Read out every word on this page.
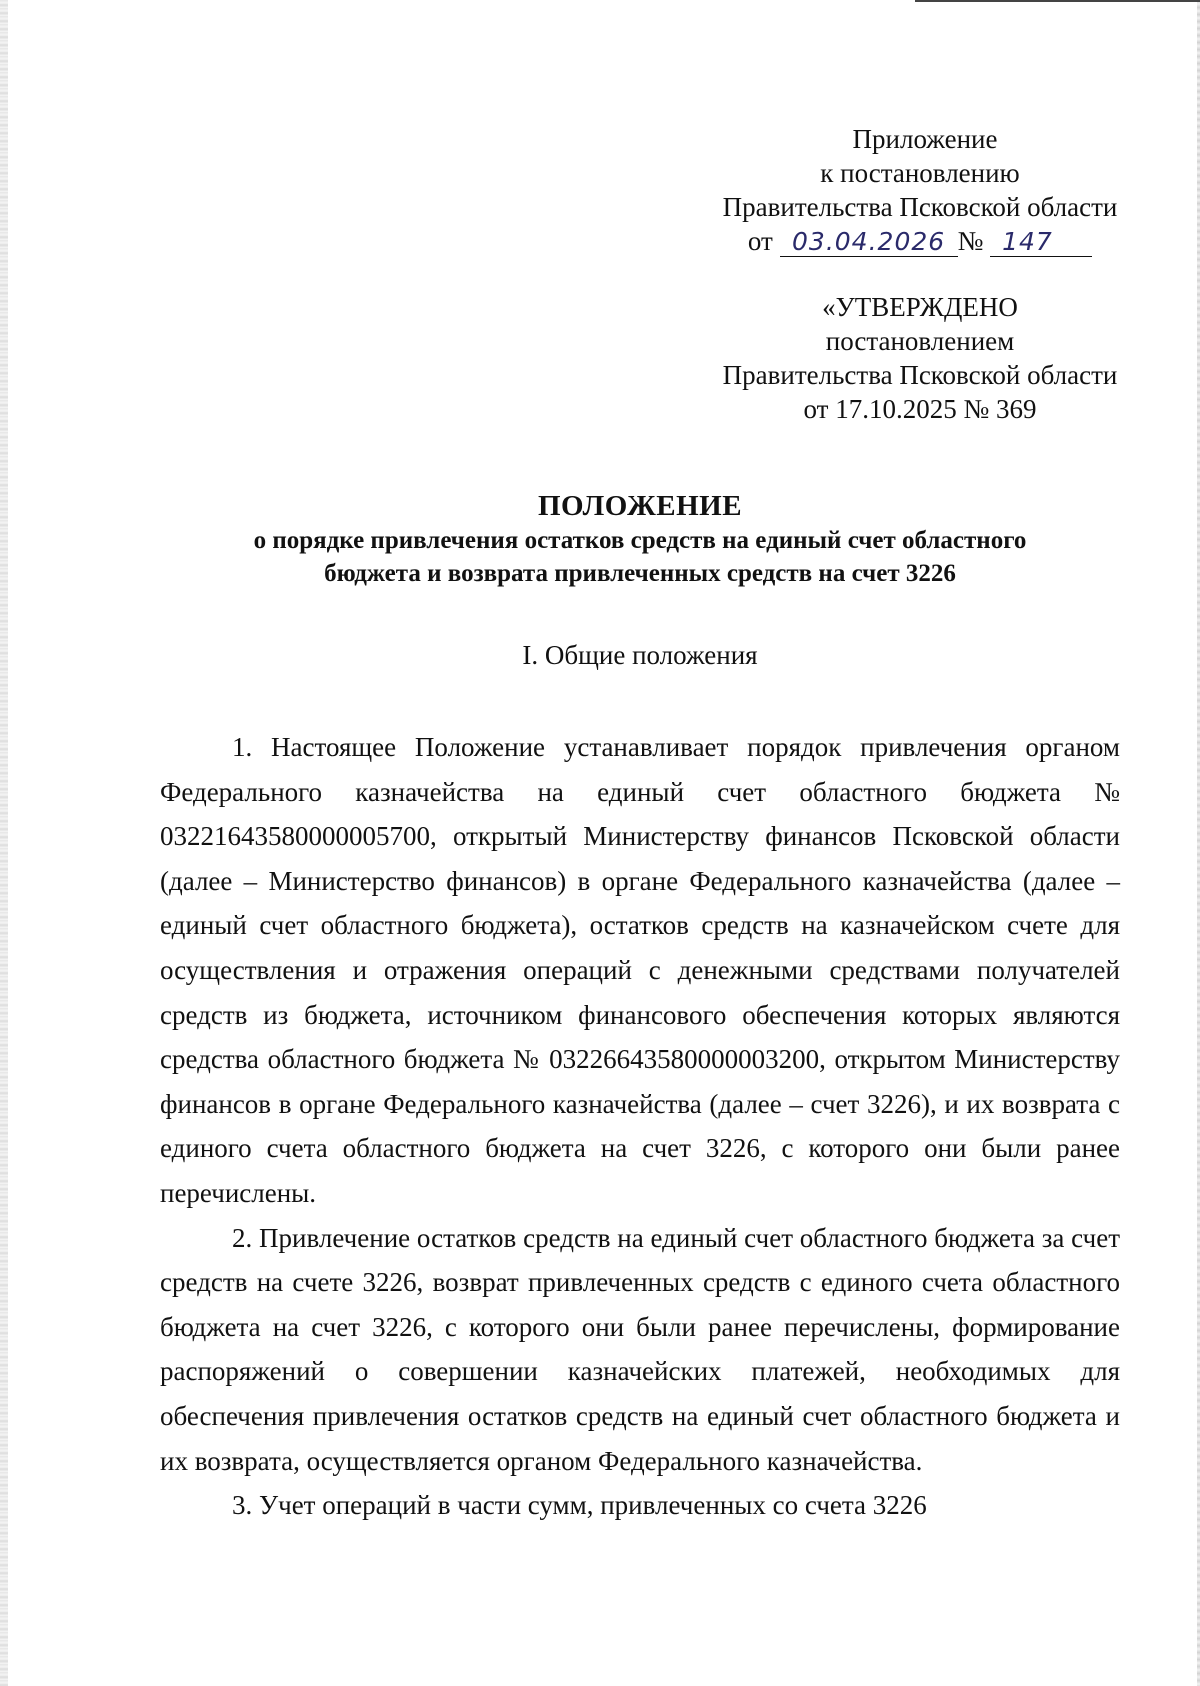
Приложение
к постановлению
Правительства Псковской области
от 03.04.2026 № 147
«УТВЕРЖДЕНО
постановлением
Правительства Псковской области
от 17.10.2025 № 369
ПОЛОЖЕНИЕ
о порядке привлечения остатков средств на единый счет областного
бюджета и возврата привлеченных средств на счет 3226
I. Общие положения

1. Настоящее Положение устанавливает порядок привлечения органом Федерального казначейства на единый счет областного бюджета № 03221643580000005700, открытый Министерству финансов Псковской области (далее – Министерство финансов) в органе Федерального казначейства (далее – единый счет областного бюджета), остатков средств на казначейском счете для осуществления и отражения операций с денежными средствами получателей средств из бюджета, источником финансового обеспечения которых являются средства областного бюджета № 03226643580000003200, открытом Министерству финансов в органе Федерального казначейства (далее – счет 3226), и их возврата с единого счета областного бюджета на счет 3226, с которого они были ранее перечислены.

2. Привлечение остатков средств на единый счет областного бюджета за счет средств на счете 3226, возврат привлеченных средств с единого счета областного бюджета на счет 3226, с которого они были ранее перечислены, формирование распоряжений о совершении казначейских платежей, необходимых для обеспечения привлечения остатков средств на единый счет областного бюджета и их возврата, осуществляется органом Федерального казначейства.

3. Учет операций в части сумм, привлеченных со счета 3226
